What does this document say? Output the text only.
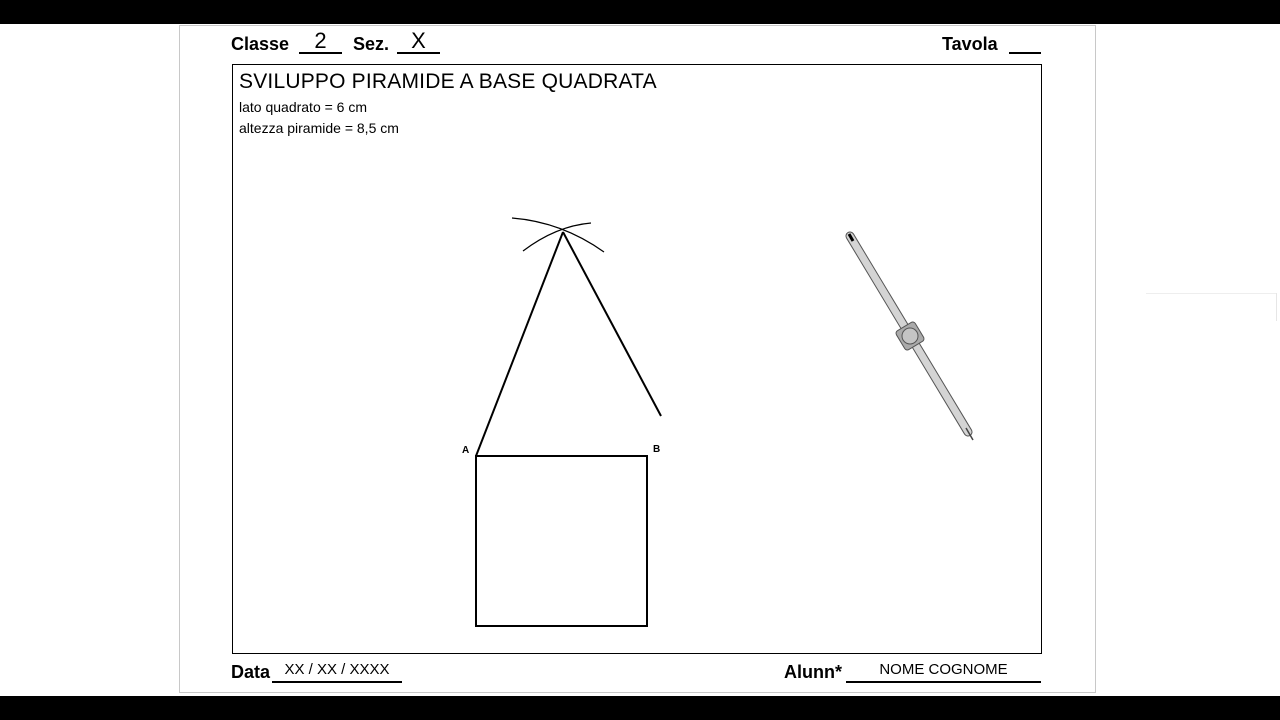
Classe	2	Sez.	X	Tavola
SVILUPPO PIRAMIDE A BASE QUADRATA
lato quadrato = 6 cm
altezza piramide = 8,5 cm
A	B
Data XX / XX / XXXX	Alunn*	NOME COGNOME
